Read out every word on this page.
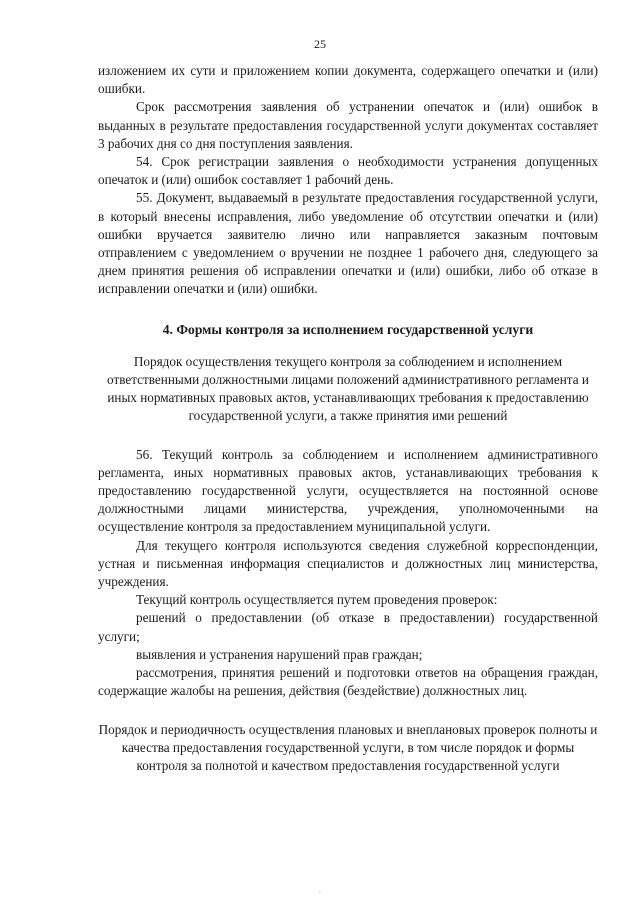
25

изложением их сути и приложением копии документа, содержащего опечатки и (или) ошибки.

Срок рассмотрения заявления об устранении опечаток и (или) ошибок в выданных в результате предоставления государственной услуги документах составляет 3 рабочих дня со дня поступления заявления.

54. Срок регистрации заявления о необходимости устранения допущенных опечаток и (или) ошибок составляет 1 рабочий день.

55. Документ, выдаваемый в результате предоставления государственной услуги, в который внесены исправления, либо уведомление об отсутствии опечатки и (или) ошибки вручается заявителю лично или направляется заказным почтовым отправлением с уведомлением о вручении не позднее 1 рабочего дня, следующего за днем принятия решения об исправлении опечатки и (или) ошибки, либо об отказе в исправлении опечатки и (или) ошибки.

4. Формы контроля за исполнением государственной услуги

Порядок осуществления текущего контроля за соблюдением и исполнением ответственными должностными лицами положений административного регламента и иных нормативных правовых актов, устанавливающих требования к предоставлению государственной услуги, а также принятия ими решений

56. Текущий контроль за соблюдением и исполнением административного регламента, иных нормативных правовых актов, устанавливающих требования к предоставлению государственной услуги, осуществляется на постоянной основе должностными лицами министерства, учреждения, уполномоченными на осуществление контроля за предоставлением муниципальной услуги.

Для текущего контроля используются сведения служебной корреспонденции, устная и письменная информация специалистов и должностных лиц министерства, учреждения.

Текущий контроль осуществляется путем проведения проверок:

решений о предоставлении (об отказе в предоставлении) государственной услуги;

выявления и устранения нарушений прав граждан;

рассмотрения, принятия решений и подготовки ответов на обращения граждан, содержащие жалобы на решения, действия (бездействие) должностных лиц.

Порядок и периодичность осуществления плановых и внеплановых проверок полноты и качества предоставления государственной услуги, в том числе порядок и формы контроля за полнотой и качеством предоставления государственной услуги

·
